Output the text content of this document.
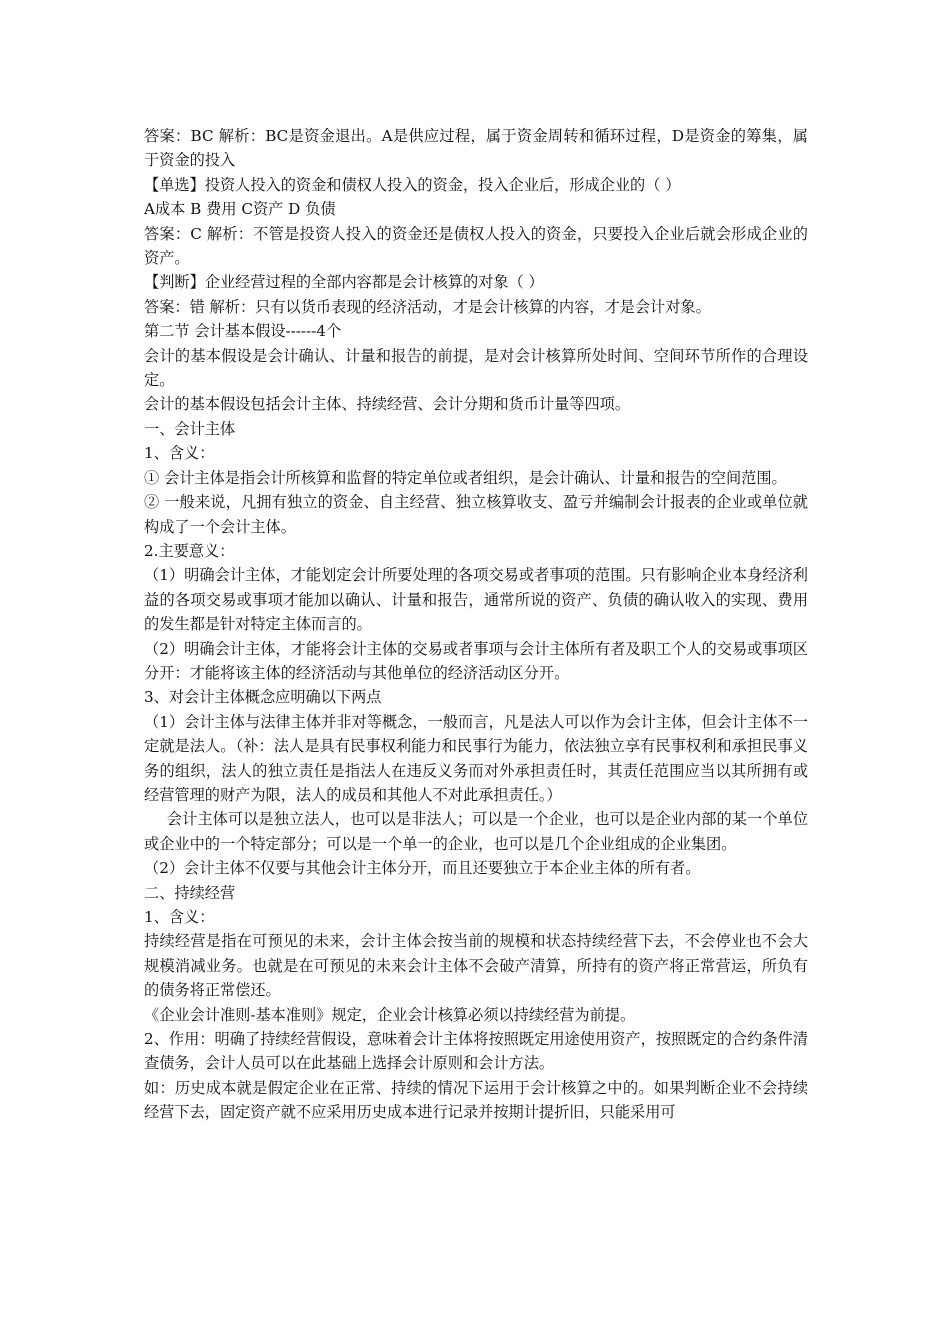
答案：BC 解析：BC是资金退出。A是供应过程，属于资金周转和循环过程，D是资金的筹集，属于资金的投入

【单选】投资人投入的资金和债权人投入的资金，投入企业后，形成企业的（ ）

A成本 B 费用 C资产 D 负债

答案：C 解析：不管是投资人投入的资金还是债权人投入的资金，只要投入企业后就会形成企业的资产。

【判断】企业经营过程的全部内容都是会计核算的对象（ ）

答案：错 解析：只有以货币表现的经济活动，才是会计核算的内容，才是会计对象。

第二节 会计基本假设------4个

会计的基本假设是会计确认、计量和报告的前提，是对会计核算所处时间、空间环节所作的合理设定。

会计的基本假设包括会计主体、持续经营、会计分期和货币计量等四项。

一、会计主体

1、含义：

① 会计主体是指会计所核算和监督的特定单位或者组织，是会计确认、计量和报告的空间范围。

② 一般来说，凡拥有独立的资金、自主经营、独立核算收支、盈亏并编制会计报表的企业或单位就构成了一个会计主体。

2.主要意义：

（1）明确会计主体，才能划定会计所要处理的各项交易或者事项的范围。只有影响企业本身经济利益的各项交易或事项才能加以确认、计量和报告，通常所说的资产、负债的确认收入的实现、费用的发生都是针对特定主体而言的。

（2）明确会计主体，才能将会计主体的交易或者事项与会计主体所有者及职工个人的交易或事项区分开：才能将该主体的经济活动与其他单位的经济活动区分开。

3、对会计主体概念应明确以下两点

（1）会计主体与法律主体并非对等概念，一般而言，凡是法人可以作为会计主体，但会计主体不一定就是法人。（补：法人是具有民事权利能力和民事行为能力，依法独立享有民事权利和承担民事义务的组织，法人的独立责任是指法人在违反义务而对外承担责任时，其责任范围应当以其所拥有或经营管理的财产为限，法人的成员和其他人不对此承担责任。）

会计主体可以是独立法人，也可以是非法人；可以是一个企业，也可以是企业内部的某一个单位或企业中的一个特定部分；可以是一个单一的企业，也可以是几个企业组成的企业集团。

（2）会计主体不仅要与其他会计主体分开，而且还要独立于本企业主体的所有者。

二、持续经营

1、含义：

持续经营是指在可预见的未来，会计主体会按当前的规模和状态持续经营下去，不会停业也不会大规模消减业务。也就是在可预见的未来会计主体不会破产清算，所持有的资产将正常营运，所负有的债务将正常偿还。

《企业会计准则-基本准则》规定，企业会计核算必须以持续经营为前提。

2、作用：明确了持续经营假设，意味着会计主体将按照既定用途使用资产，按照既定的合约条件清查债务，会计人员可以在此基础上选择会计原则和会计方法。

如：历史成本就是假定企业在正常、持续的情况下运用于会计核算之中的。如果判断企业不会持续经营下去，固定资产就不应采用历史成本进行记录并按期计提折旧，只能采用可
